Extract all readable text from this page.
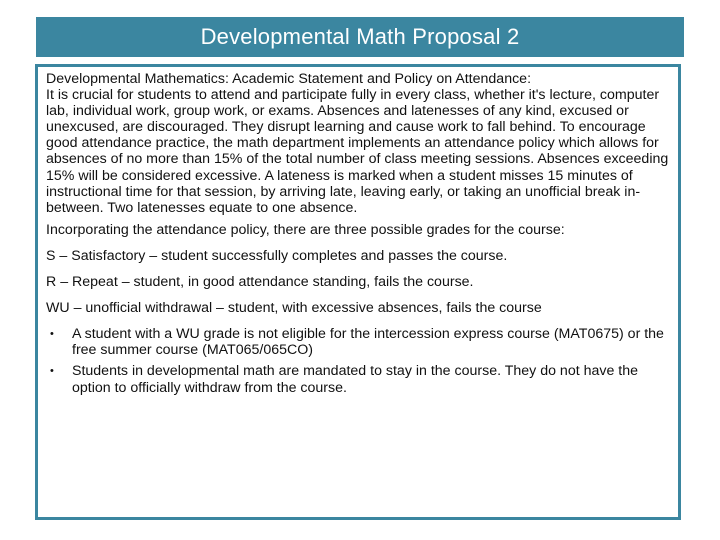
Developmental Math Proposal 2

Developmental Mathematics: Academic Statement and Policy on Attendance:

It is crucial for students to attend and participate fully in every class, whether it's lecture, computer lab, individual work, group work, or exams. Absences and latenesses of any kind, excused or unexcused, are discouraged. They disrupt learning and cause work to fall behind. To encourage good attendance practice, the math department implements an attendance policy which allows for absences of no more than 15% of the total number of class meeting sessions. Absences exceeding 15% will be considered excessive. A lateness is marked when a student misses 15 minutes of instructional time for that session, by arriving late, leaving early, or taking an unofficial break in-between. Two latenesses equate to one absence.

Incorporating the attendance policy, there are three possible grades for the course:

S – Satisfactory – student successfully completes and passes the course.

R – Repeat – student, in good attendance standing, fails the course.

WU – unofficial withdrawal – student, with excessive absences, fails the course

•	A student with a WU grade is not eligible for the intercession express course (MAT0675) or the free summer course (MAT065/065CO)
•	Students in developmental math are mandated to stay in the course. They do not have the option to officially withdraw from the course.
